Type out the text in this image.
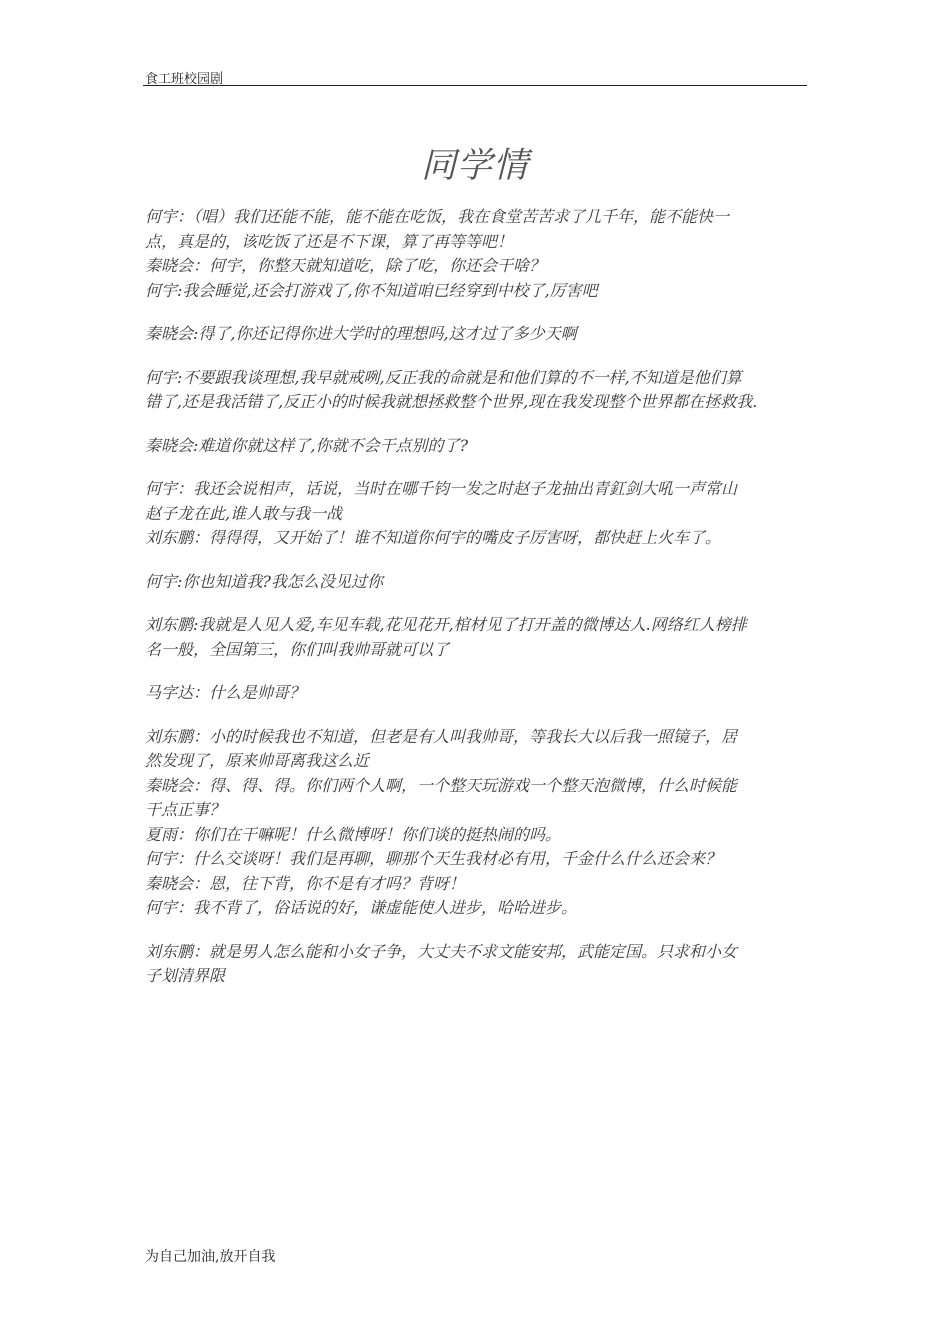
食工班校园剧
同学情
何宇：（唱）我们还能不能，能不能在吃饭，我在食堂苦苦求了几千年，能不能快一
点，真是的，该吃饭了还是不下课，算了再等等吧！
秦晓会：何宇，你整天就知道吃，除了吃，你还会干啥？
何宇:我会睡觉,还会打游戏了,你不知道咱已经穿到中校了,厉害吧
秦晓会:得了,你还记得你进大学时的理想吗,这才过了多少天啊
何宇:不要跟我谈理想,我早就戒咧,反正我的命就是和他们算的不一样,不知道是他们算
错了,还是我活错了,反正小的时候我就想拯救整个世界,现在我发现整个世界都在拯救我.
秦晓会:难道你就这样了,你就不会干点别的了?
何宇：我还会说相声，话说，当时在哪千钧一发之时赵子龙抽出青釭剑大吼一声常山
赵子龙在此,谁人敢与我一战
刘东鹏：得得得，又开始了！谁不知道你何宇的嘴皮子厉害呀，都快赶上火车了。
何宇:你也知道我?我怎么没见过你
刘东鹏:我就是人见人爱,车见车载,花见花开,棺材见了打开盖的微博达人.网络红人榜排
名一般，全国第三，你们叫我帅哥就可以了
马字达：什么是帅哥？
刘东鹏：小的时候我也不知道，但老是有人叫我帅哥，等我长大以后我一照镜子，居
然发现了，原来帅哥离我这么近
秦晓会：得、得、得。你们两个人啊，一个整天玩游戏一个整天泡微博，什么时候能
干点正事？
夏雨：你们在干嘛呢！什么微博呀！你们谈的挺热闹的吗。
何宇：什么交谈呀！我们是再聊，聊那个天生我材必有用，千金什么什么还会来？
秦晓会：恩，往下背，你不是有才吗？背呀！
何宇：我不背了，俗话说的好，谦虚能使人进步，哈哈进步。
刘东鹏：就是男人怎么能和小女子争，大丈夫不求文能安邦，武能定国。只求和小女
子划清界限
为自己加油,放开自我
